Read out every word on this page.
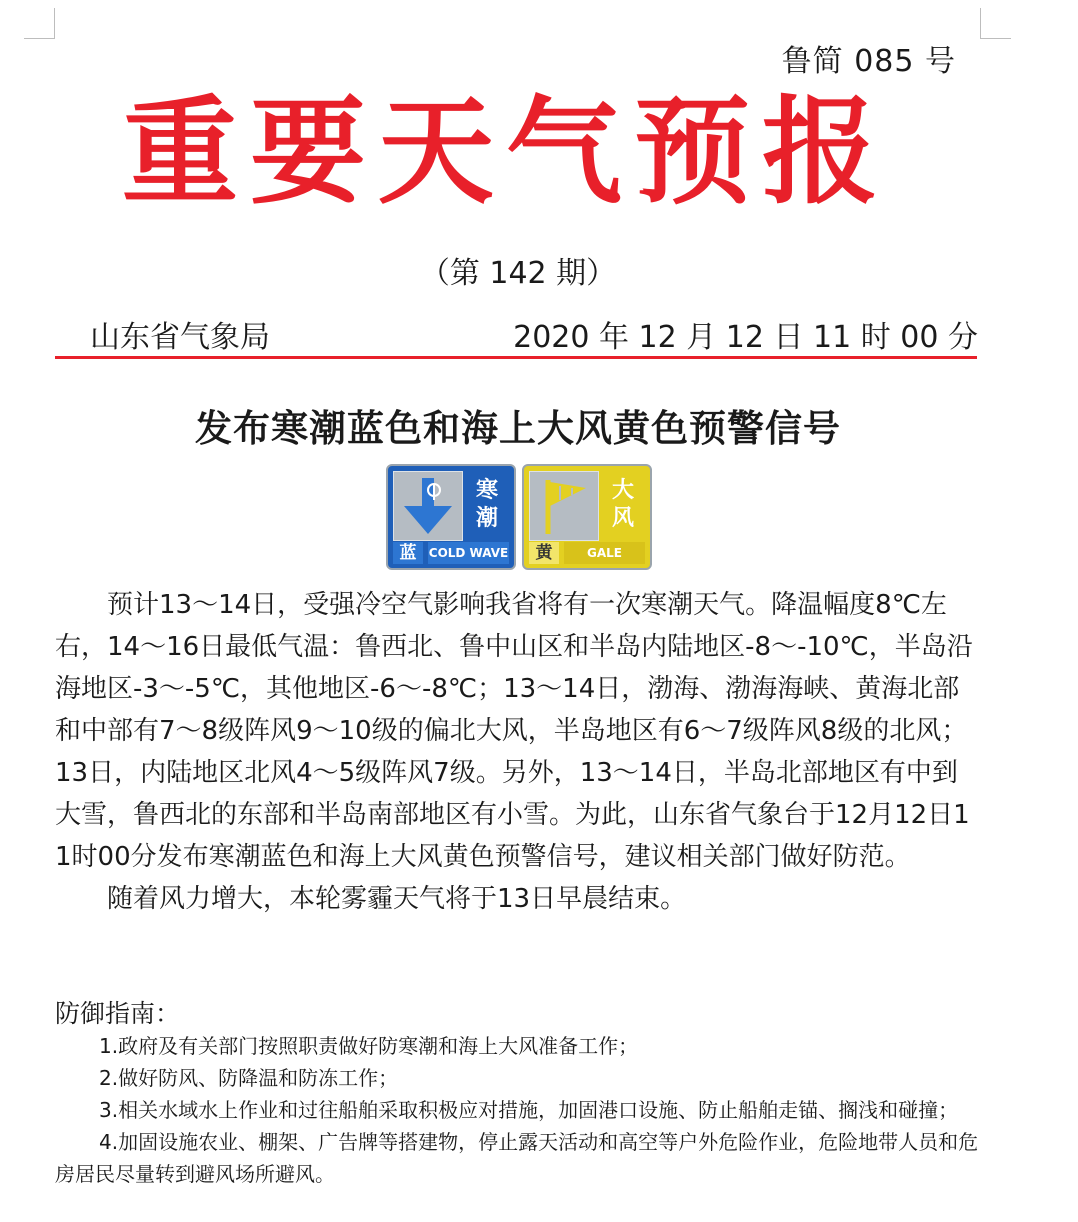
鲁简 085 号
重要天气预报
（第 142 期）
山东省气象局	2020 年 12 月 12 日 11 时 00 分
发布寒潮蓝色和海上大风黄色预警信号
寒
潮
蓝	COLD WAVE
大
风
黄	GALE

预计13～14日，受强冷空气影响我省将有一次寒潮天气。降温幅度8℃左右，14～16日最低气温：鲁西北、鲁中山区和半岛内陆地区-8～-10℃，半岛沿海地区-3～-5℃，其他地区-6～-8℃；13～14日，渤海、渤海海峡、黄海北部和中部有7～8级阵风9～10级的偏北大风，半岛地区有6～7级阵风8级的北风；13日，内陆地区北风4～5级阵风7级。另外，13～14日，半岛北部地区有中到大雪，鲁西北的东部和半岛南部地区有小雪。为此，山东省气象台于12月12日11时00分发布寒潮蓝色和海上大风黄色预警信号，建议相关部门做好防范。

随着风力增大，本轮雾霾天气将于13日早晨结束。

防御指南：

1.政府及有关部门按照职责做好防寒潮和海上大风准备工作；

2.做好防风、防降温和防冻工作；

3.相关水域水上作业和过往船舶采取积极应对措施，加固港口设施、防止船舶走锚、搁浅和碰撞；

4.加固设施农业、棚架、广告牌等搭建物，停止露天活动和高空等户外危险作业，危险地带人员和危房居民尽量转到避风场所避风。
